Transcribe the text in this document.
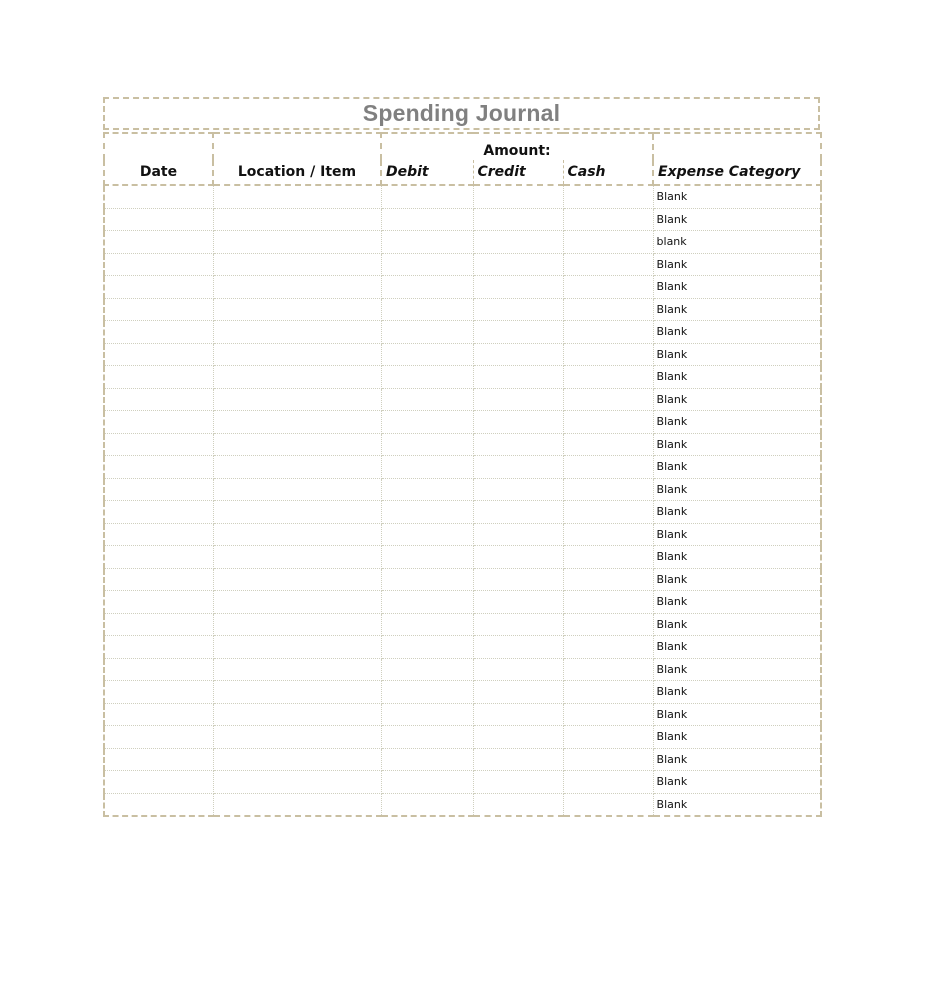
Spending Journal
		Amount:			
Date	Location / Item	Debit	Credit	Cash	Expense Category
					Blank
					Blank
					blank
					Blank
					Blank
					Blank
					Blank
					Blank
					Blank
					Blank
					Blank
					Blank
					Blank
					Blank
					Blank
					Blank
					Blank
					Blank
					Blank
					Blank
					Blank
					Blank
					Blank
					Blank
					Blank
					Blank
					Blank
					Blank
